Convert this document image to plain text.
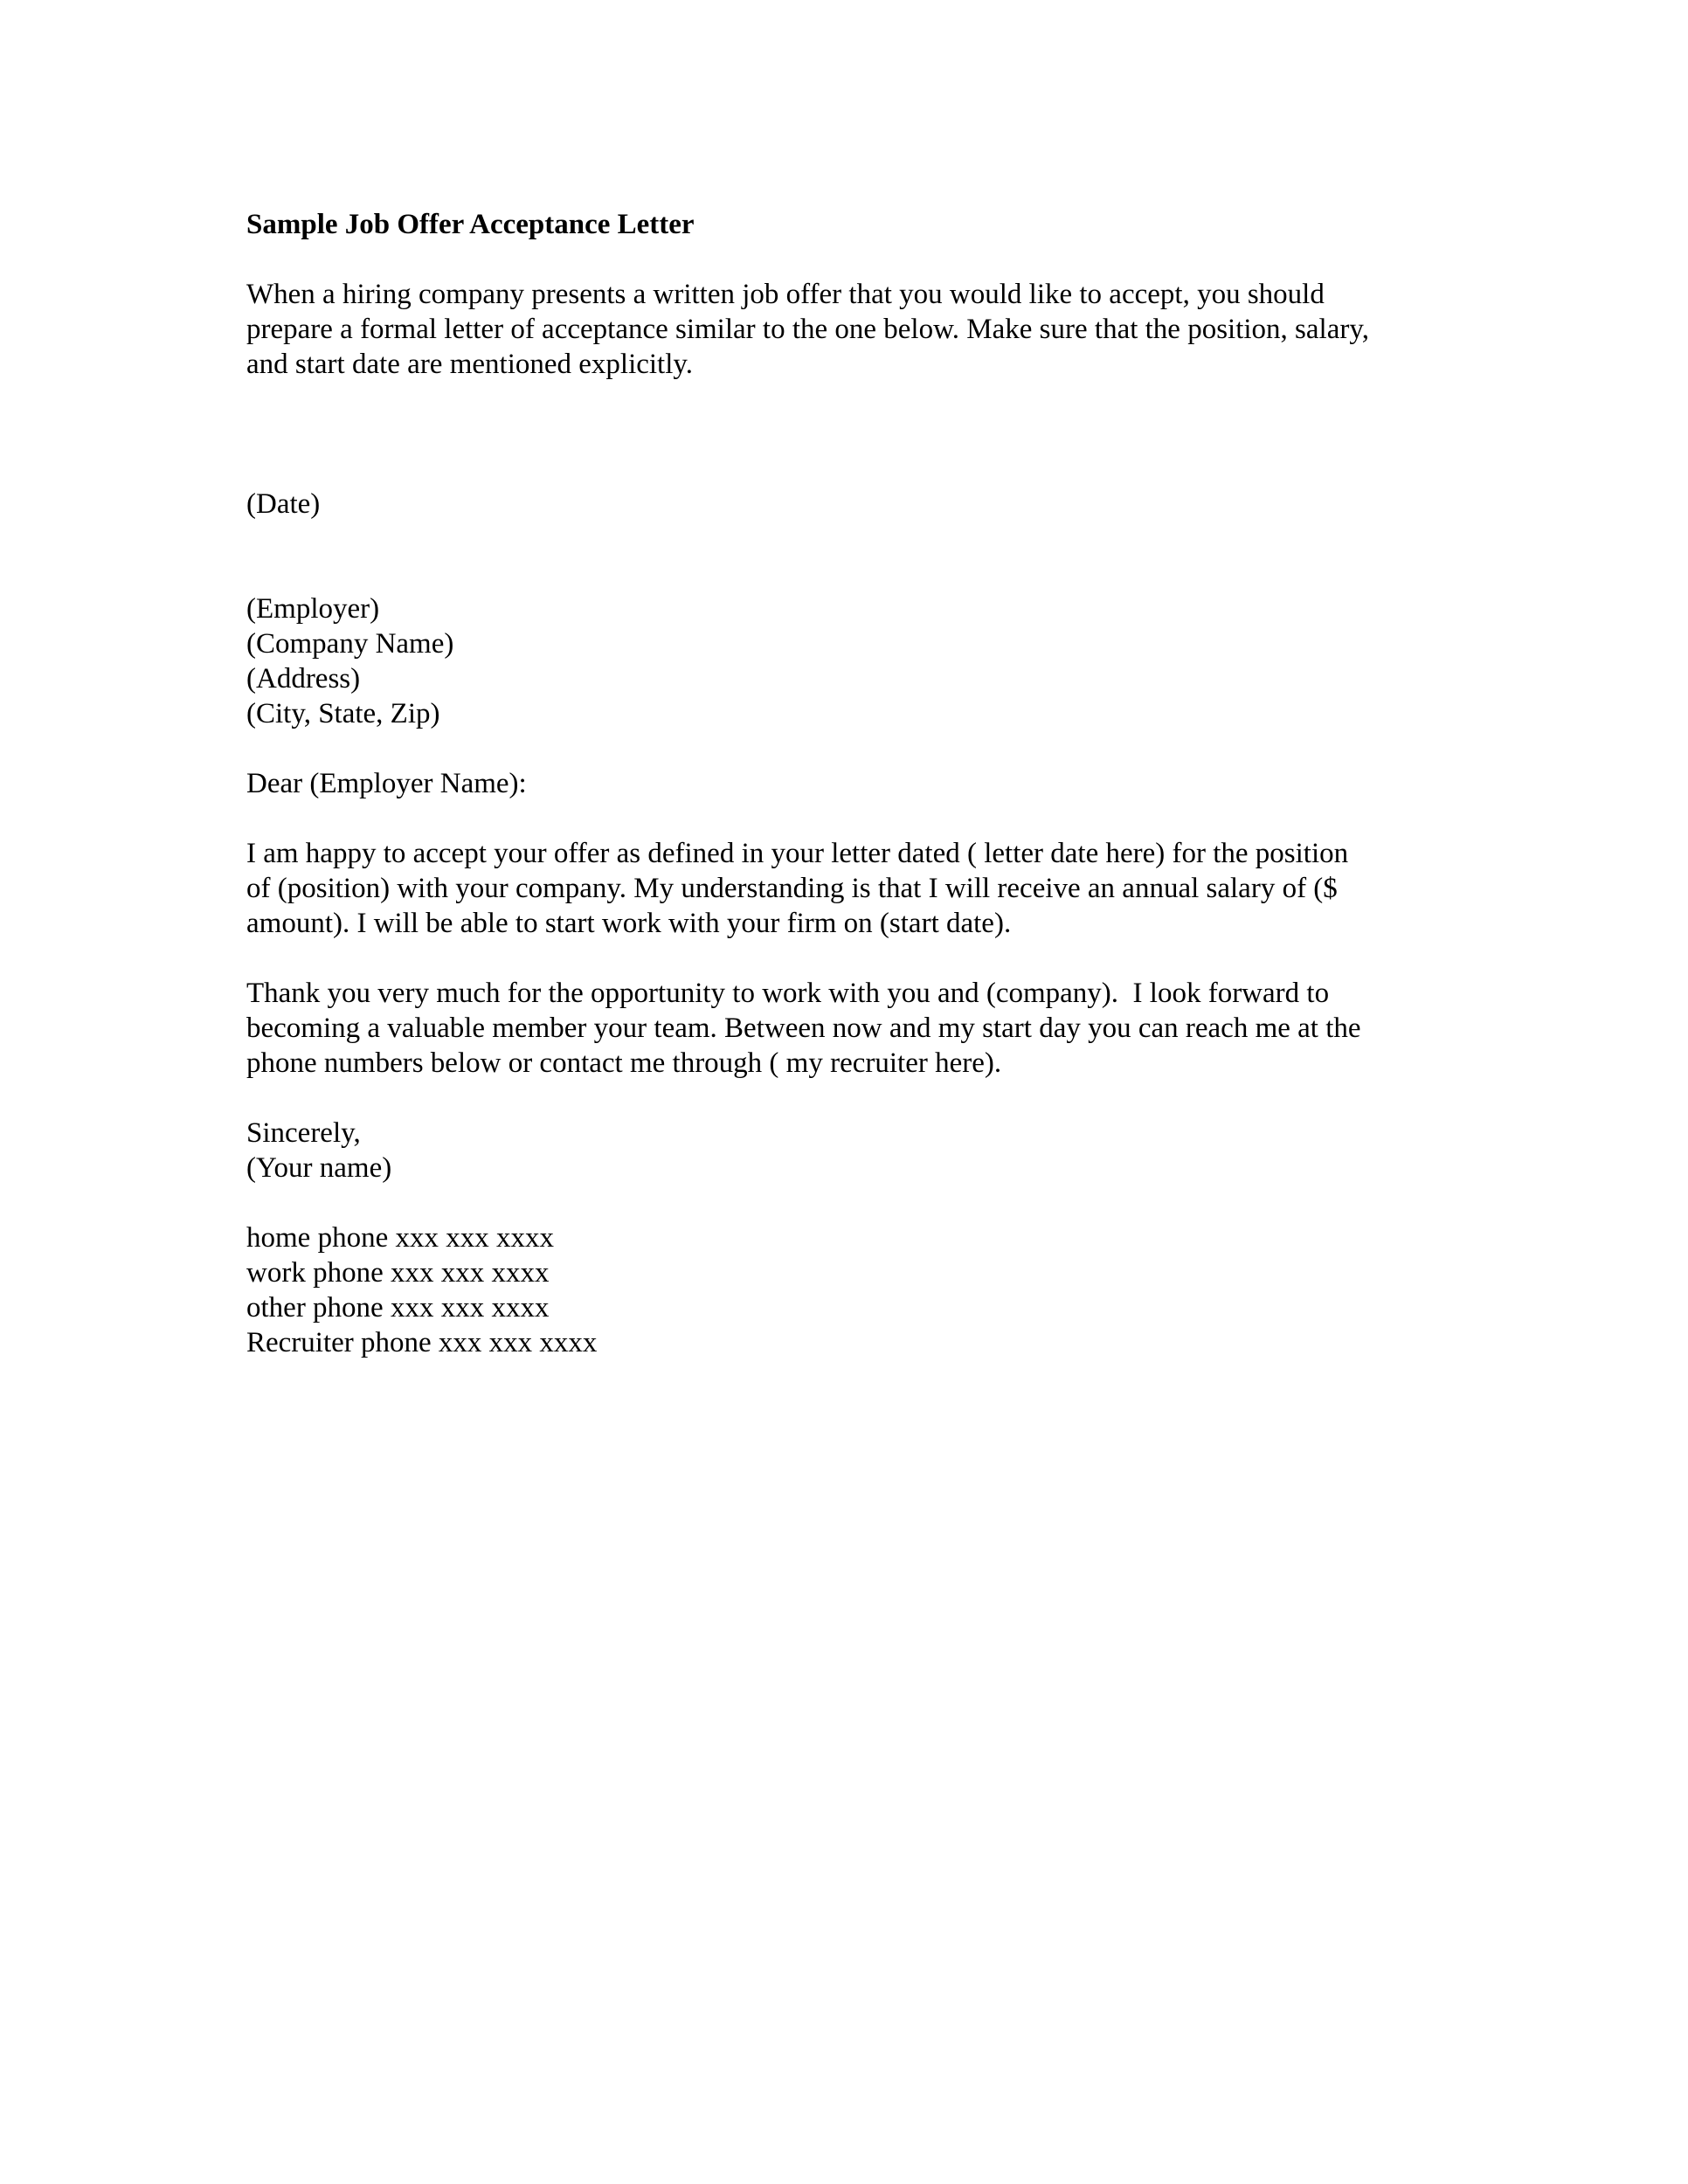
Sample Job Offer Acceptance Letter

When a hiring company presents a written job offer that you would like to accept, you should
prepare a formal letter of acceptance similar to the one below. Make sure that the position, salary,
and start date are mentioned explicitly.
(Date)
(Employer)
(Company Name)
(Address)
(City, State, Zip)
Dear (Employer Name):
I am happy to accept your offer as defined in your letter dated ( letter date here) for the position
of (position) with your company. My understanding is that I will receive an annual salary of ($
amount). I will be able to start work with your firm on (start date).
Thank you very much for the opportunity to work with you and (company).  I look forward to
becoming a valuable member your team. Between now and my start day you can reach me at the
phone numbers below or contact me through ( my recruiter here).
Sincerely,
(Your name)
home phone xxx xxx xxxx
work phone xxx xxx xxxx
other phone xxx xxx xxxx
Recruiter phone xxx xxx xxxx
